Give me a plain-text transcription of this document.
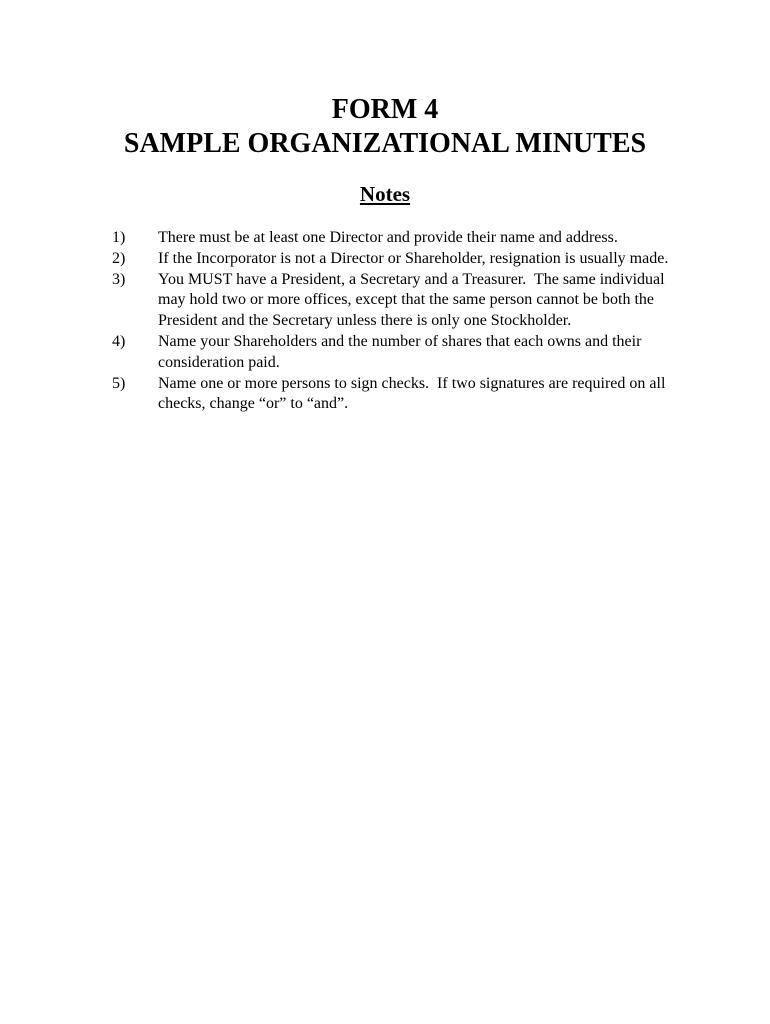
FORM 4
SAMPLE ORGANIZATIONAL MINUTES
Notes
1)	There must be at least one Director and provide their name and address.
2)	If the Incorporator is not a Director or Shareholder, resignation is usually made.
3)	You MUST have a President, a Secretary and a Treasurer.  The same individual may hold two or more offices, except that the same person cannot be both the President and the Secretary unless there is only one Stockholder.
4)	Name your Shareholders and the number of shares that each owns and their consideration paid.
5)	Name one or more persons to sign checks.  If two signatures are required on all checks, change “or” to “and”.
